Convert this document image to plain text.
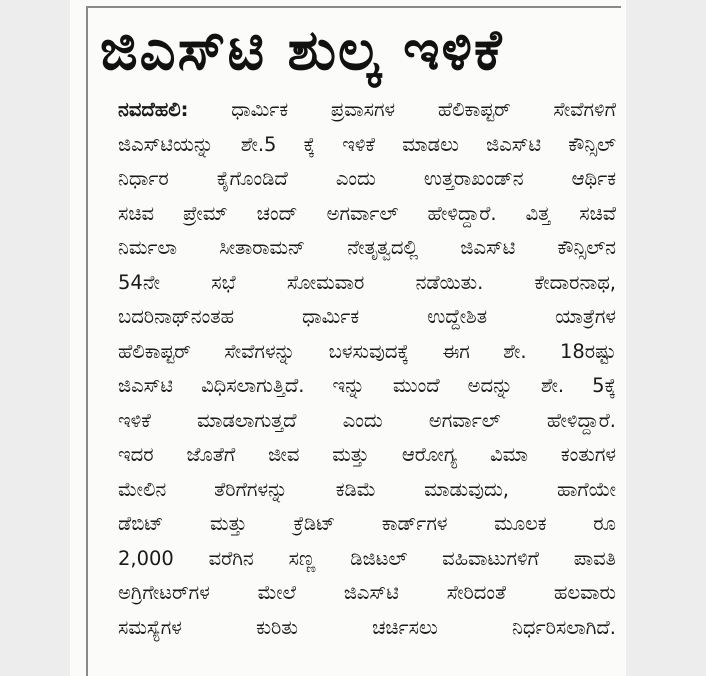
ಜಿಎಸ್‌ಟಿ ಶುಲ್ಕ ಇಳಿಕೆ
ನವದೆಹಲಿ: ಧಾರ್ಮಿಕ ಪ್ರವಾಸಗಳ ಹೆಲಿಕಾಪ್ಟರ್ ಸೇವೆಗಳಿಗೆ
ಜಿಎಸ್‌ಟಿಯನ್ನು ಶೇ.5 ಕ್ಕೆ ಇಳಿಕೆ ಮಾಡಲು ಜಿಎಸ್‌ಟಿ ಕೌನ್ಸಿಲ್
ನಿರ್ಧಾರ ಕೈಗೊಂಡಿದೆ ಎಂದು ಉತ್ತರಾಖಂಡ್‌ನ ಆರ್ಥಿಕ
ಸಚಿವ ಪ್ರೇಮ್ ಚಂದ್ ಅಗರ್ವಾಲ್ ಹೇಳಿದ್ದಾರೆ. ವಿತ್ತ ಸಚಿವೆ
ನಿರ್ಮಲಾ ಸೀತಾರಾಮನ್ ನೇತೃತ್ವದಲ್ಲಿ ಜಿಎಸ್‌ಟಿ ಕೌನ್ಸಿಲ್‌ನ
54ನೇ ಸಭೆ ಸೋಮವಾರ ನಡೆಯಿತು. ಕೇದಾರನಾಥ,
ಬದರಿನಾಥ್‌ನಂತಹ ಧಾರ್ಮಿಕ ಉದ್ದೇಶಿತ ಯಾತ್ರೆಗಳ
ಹೆಲಿಕಾಪ್ಟರ್ ಸೇವೆಗಳನ್ನು ಬಳಸುವುದಕ್ಕೆ ಈಗ ಶೇ. 18ರಷ್ಟು
ಜಿಎಸ್‌ಟಿ ವಿಧಿಸಲಾಗುತ್ತಿದೆ. ಇನ್ನು ಮುಂದೆ ಅದನ್ನು ಶೇ. 5ಕ್ಕೆ
ಇಳಿಕೆ ಮಾಡಲಾಗುತ್ತದೆ ಎಂದು ಅಗರ್ವಾಲ್ ಹೇಳಿದ್ದಾರೆ.
ಇದರ ಜೊತೆಗೆ ಜೀವ ಮತ್ತು ಆರೋಗ್ಯ ವಿಮಾ ಕಂತುಗಳ
ಮೇಲಿನ ತೆರಿಗೆಗಳನ್ನು ಕಡಿಮೆ ಮಾಡುವುದು, ಹಾಗೆಯೇ
ಡೆಬಿಟ್ ಮತ್ತು ಕ್ರೆಡಿಟ್ ಕಾರ್ಡ್‌ಗಳ ಮೂಲಕ ರೂ
2,000 ವರೆಗಿನ ಸಣ್ಣ ಡಿಜಿಟಲ್ ವಹಿವಾಟುಗಳಿಗೆ ಪಾವತಿ
ಅಗ್ರಿಗೇಟರ್‌ಗಳ ಮೇಲೆ ಜಿಎಸ್‌ಟಿ ಸೇರಿದಂತೆ ಹಲವಾರು
ಸಮಸ್ಯೆಗಳ ಕುರಿತು ಚರ್ಚಿಸಲು ನಿರ್ಧರಿಸಲಾಗಿದೆ.
